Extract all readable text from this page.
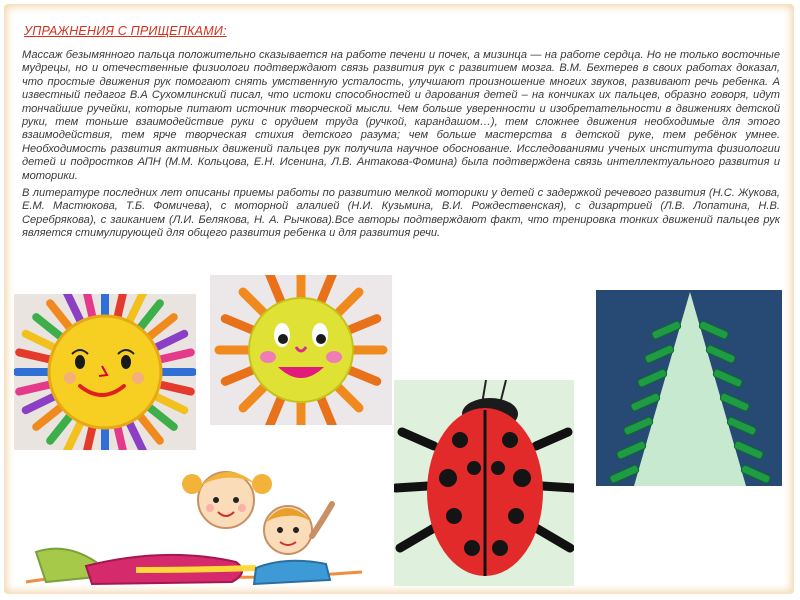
УПРАЖНЕНИЯ С ПРИЩЕПКАМИ:

Массаж безымянного пальца положительно сказывается на работе печени и почек, а мизинца — на работе сердца. Но не только восточные мудрецы, но и отечественные физиологи подтверждают связь развития рук с развитием мозга. В.М. Бехтерев в своих работах доказал, что простые движения рук помогают снять умственную усталость, улучшают произношение многих звуков, развивают речь ребенка. А известный педагог В.А Сухомлинский писал, что истоки способностей и дарования детей – на кончиках их пальцев, образно говоря, идут тончайшие ручейки, которые питают источник творческой мысли. Чем больше уверенности и изобретательности в движениях детской руки, тем тоньше взаимодействие руки с орудием труда (ручкой, карандашом…), тем сложнее движения необходимые для этого взаимодействия, тем ярче творческая стихия детского разума; чем больше мастерства в детской руке, тем ребёнок умнее. Необходимость развития активных движений пальцев рук получила научное обоснование. Исследованиями ученых института физиологии детей и подростков АПН (М.М. Кольцова, Е.Н. Исенина, Л.В. Антакова-Фомина) была подтверждена связь интеллектуального развития и моторики.

В литературе последних лет описаны приемы работы по развитию мелкой моторики у детей с задержкой речевого развития (Н.С. Жукова, Е.М. Мастюкова, Т.Б. Фомичева), с моторной алалией (Н.И. Кузьмина, В.И. Рождественская), с дизартрией (Л.В. Лопатина, Н.В. Серебрякова), с заиканием (Л.И. Белякова, Н. А. Рычкова).Все авторы подтверждают факт, что тренировка тонких движений пальцев рук является стимулирующей для общего развития ребенка и для развития речи.
